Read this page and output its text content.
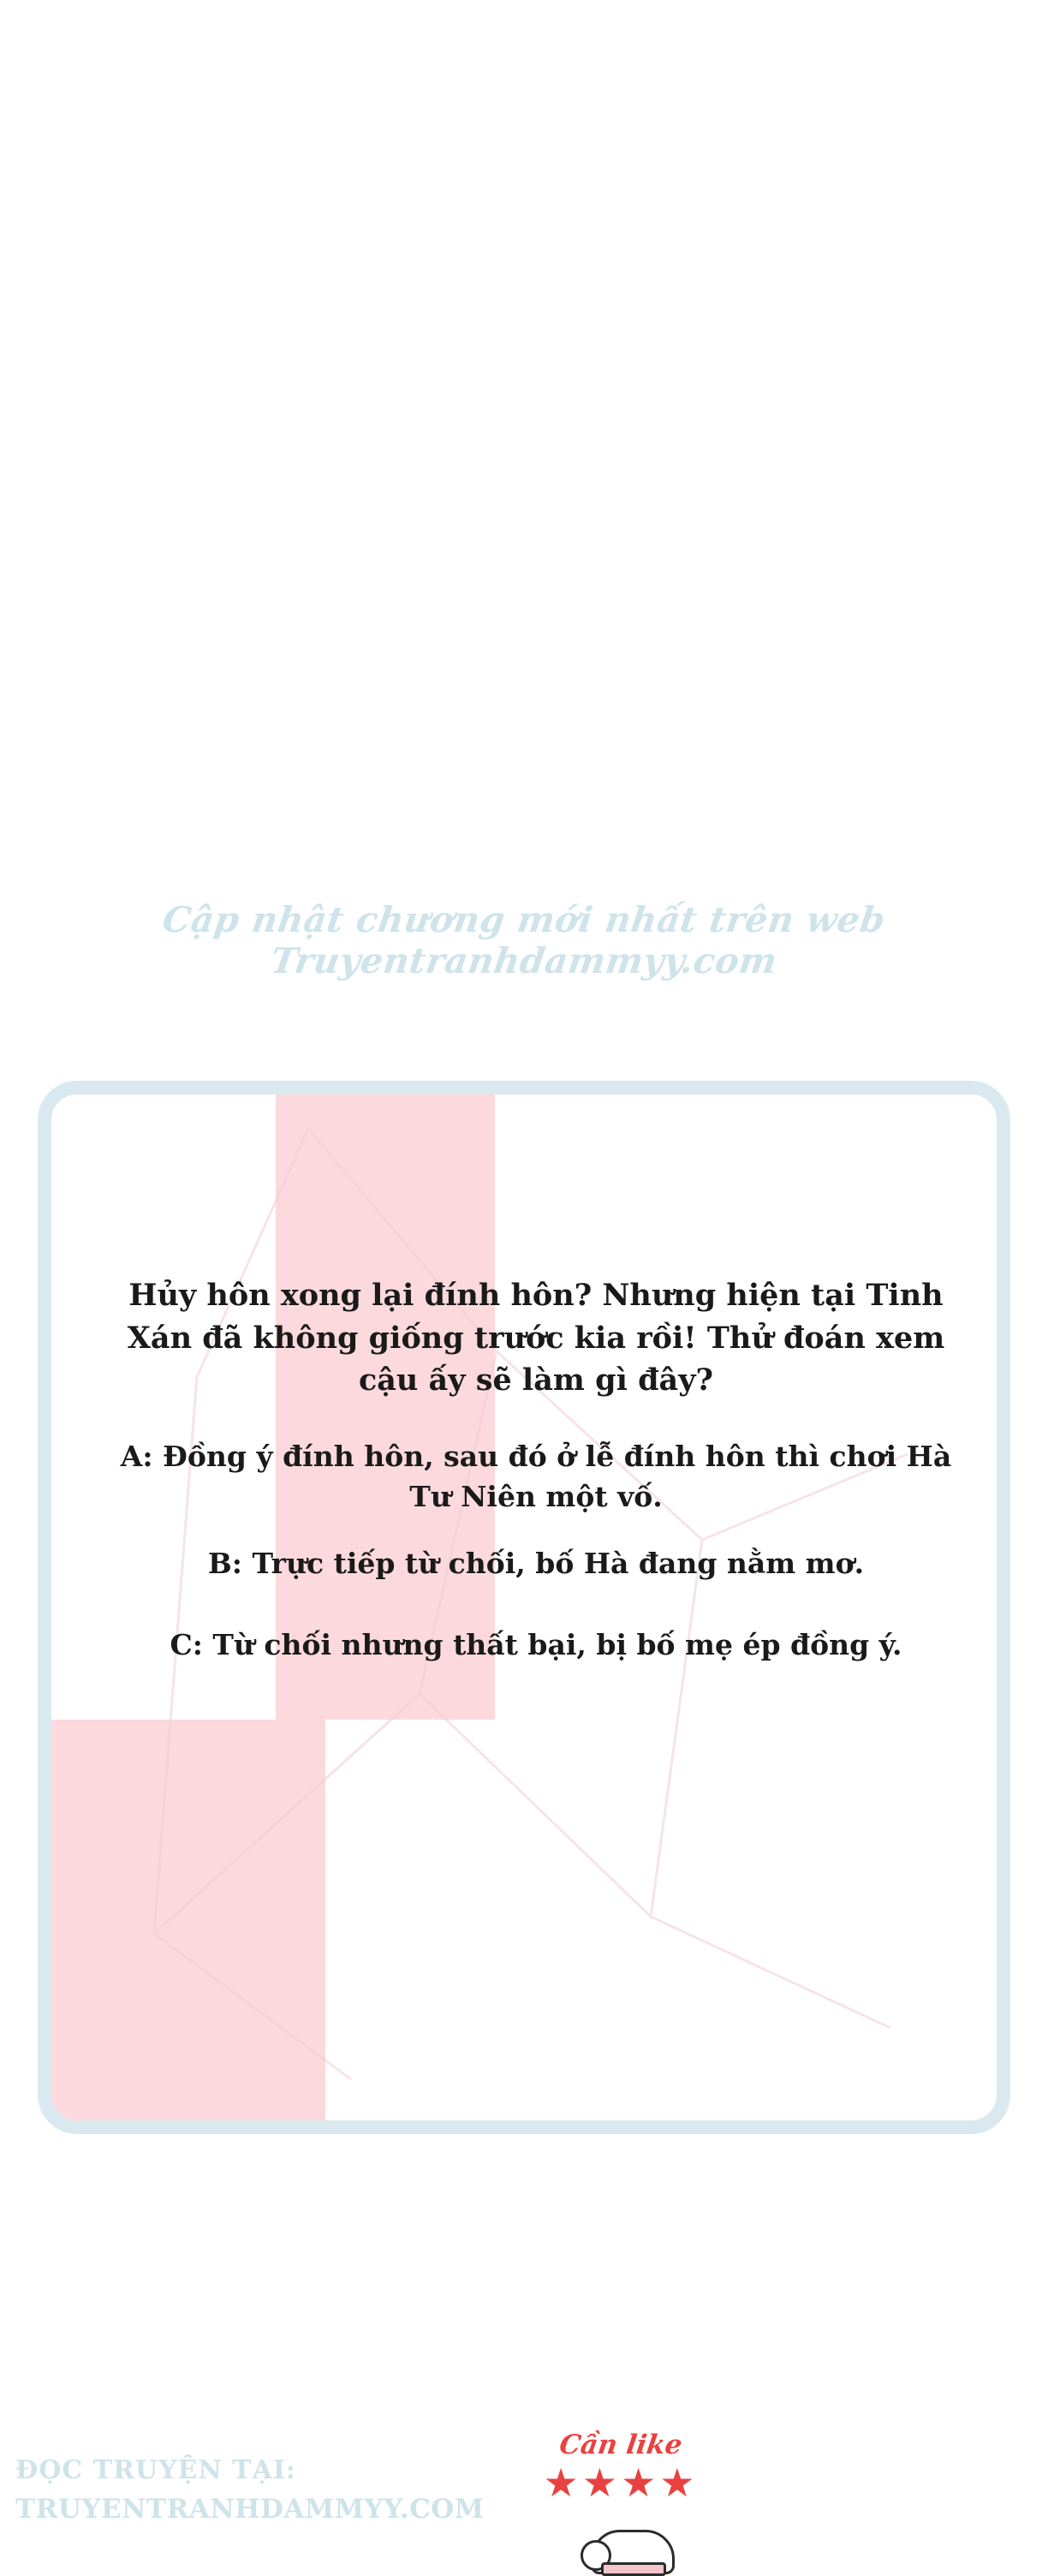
Cập nhật chương mới nhất trên web
Truyentranhdammyy.com
Hủy hôn xong lại đính hôn? Nhưng hiện tại Tinh Xán đã không giống trước kia rồi! Thử đoán xem cậu ấy sẽ làm gì đây?
A: Đồng ý đính hôn, sau đó ở lễ đính hôn thì chơi Hà Tư Niên một vố.
B: Trực tiếp từ chối, bố Hà đang nằm mơ.
C: Từ chối nhưng thất bại, bị bố mẹ ép đồng ý.
ĐỌC TRUYỆN TẠI:
TRUYENTRANHDAMMYY.COM
Cần like
★★★★
